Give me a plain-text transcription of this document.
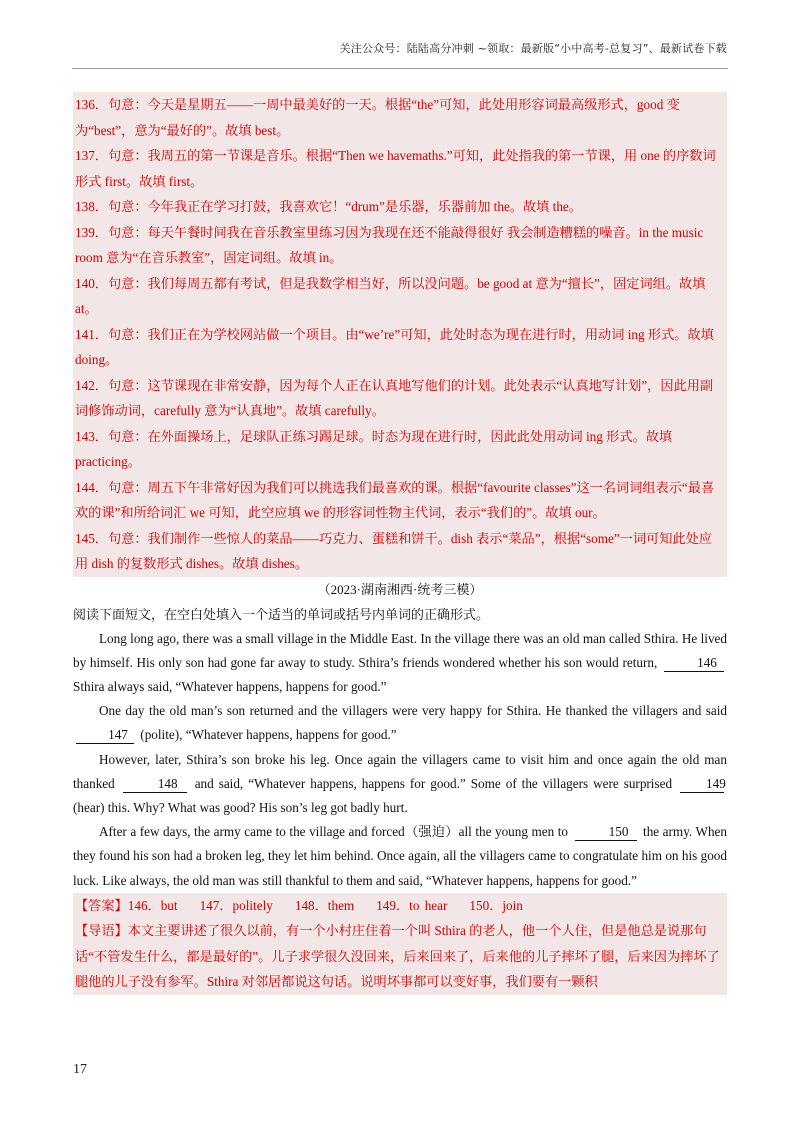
关注公众号：陆陆高分冲刺 ~领取：最新版“小中高考-总复习”、最新试卷下载

136．句意：今天是星期五——一周中最美好的一天。根据“the”可知，此处用形容词最高级形式，good 变为“best”，意为“最好的”。故填 best。

137．句意：我周五的第一节课是音乐。根据“Then we havemaths.”可知，此处指我的第一节课，用 one 的序数词形式 first。故填 first。

138．句意：今年我正在学习打鼓，我喜欢它！“drum”是乐器，乐器前加 the。故填 the。

139．句意：每天午餐时间我在音乐教室里练习因为我现在还不能敲得很好 我会制造糟糕的噪音。in the music room 意为“在音乐教室”，固定词组。故填 in。

140．句意：我们每周五都有考试，但是我数学相当好，所以没问题。be good at 意为“擅长”，固定词组。故填 at。

141．句意：我们正在为学校网站做一个项目。由“we’re”可知，此处时态为现在进行时，用动词 ing 形式。故填 doing。

142．句意：这节课现在非常安静，因为每个人正在认真地写他们的计划。此处表示“认真地写计划”，因此用副词修饰动词，carefully 意为“认真地”。故填 carefully。

143．句意：在外面操场上，足球队正练习踢足球。时态为现在进行时，因此此处用动词 ing 形式。故填 practicing。

144．句意：周五下午非常好因为我们可以挑选我们最喜欢的课。根据“favourite classes”这一名词词组表示“最喜欢的课”和所给词汇 we 可知，此空应填 we 的形容词性物主代词，表示“我们的”。故填 our。

145．句意：我们制作一些惊人的菜品——巧克力、蛋糕和饼干。dish 表示“菜品”，根据“some”一词可知此处应用 dish 的复数形式 dishes。故填 dishes。

（2023·湖南湘西·统考三模）

阅读下面短文，在空白处填入一个适当的单词或括号内单词的正确形式。

Long long ago, there was a small village in the Middle East. In the village there was an old man called Sthira. He lived by himself. His only son had gone far away to study. Sthira’s friends wondered whether his son would return,	146 Sthira always said, “Whatever happens, happens for good.”

One day the old man’s son returned and the villagers were very happy for Sthira. He thanked the villagers and said 147 (polite), “Whatever happens, happens for good.”

However, later, Sthira’s son broke his leg. Once again the villagers came to visit him and once again the old man thanked	148 and said, “Whatever happens, happens for good.” Some of the villagers were surprised	149 (hear) this. Why? What was good? His son’s leg got badly hurt.

After a few days, the army came to the village and forced（强迫）all the young men to	150 the army. When they found his son had a broken leg, they let him behind. Once again, all the villagers came to congratulate him on his good luck. Like always, the old man was still thankful to them and said, “Whatever happens, happens for good.”

【答案】146．but 147．politely 148．them 149．to hear 150．join

【导语】本文主要讲述了很久以前，有一个小村庄住着一个叫 Sthira 的老人，他一个人住，但是他总是说那句话“不管发生什么，都是最好的”。儿子求学很久没回来，后来回来了，后来他的儿子摔坏了腿，后来因为摔坏了腿他的儿子没有参军。Sthira 对邻居都说这句话。说明坏事都可以变好事，我们要有一颗积

17
